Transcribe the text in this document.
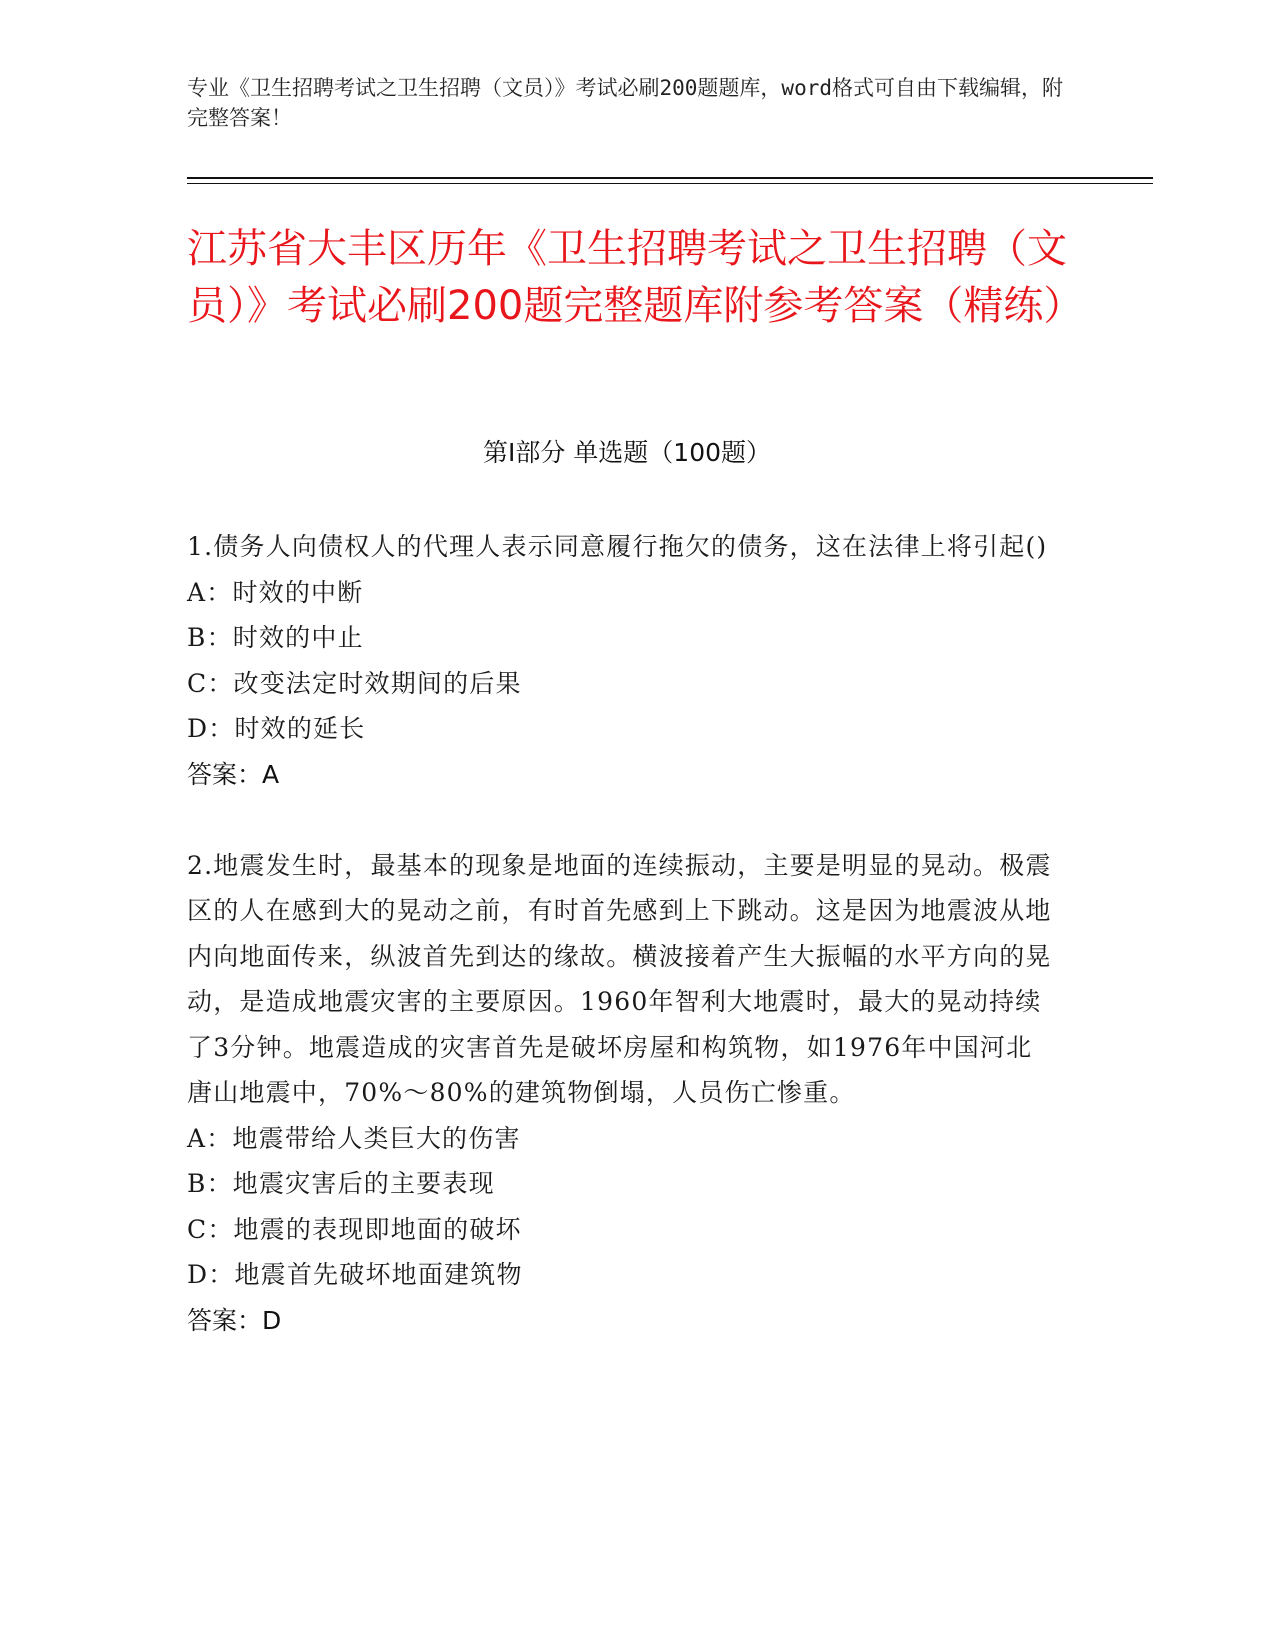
专业《卫生招聘考试之卫生招聘（文员）》考试必刷200题题库，word格式可自由下载编辑，附完整答案！
江苏省大丰区历年《卫生招聘考试之卫生招聘（文员）》考试必刷200题完整题库附参考答案（精练）
第Ⅰ部分 单选题（100题）
1.债务人向债权人的代理人表示同意履行拖欠的债务，这在法律上将引起()
A：时效的中断
B：时效的中止
C：改变法定时效期间的后果
D：时效的延长
答案：A
2.地震发生时，最基本的现象是地面的连续振动，主要是明显的晃动。极震区的人在感到大的晃动之前，有时首先感到上下跳动。这是因为地震波从地内向地面传来，纵波首先到达的缘故。横波接着产生大振幅的水平方向的晃动，是造成地震灾害的主要原因。1960年智利大地震时，最大的晃动持续了3分钟。地震造成的灾害首先是破坏房屋和构筑物，如1976年中国河北唐山地震中，70%～80%的建筑物倒塌，人员伤亡惨重。
A：地震带给人类巨大的伤害
B：地震灾害后的主要表现
C：地震的表现即地面的破坏
D：地震首先破坏地面建筑物
答案：D
